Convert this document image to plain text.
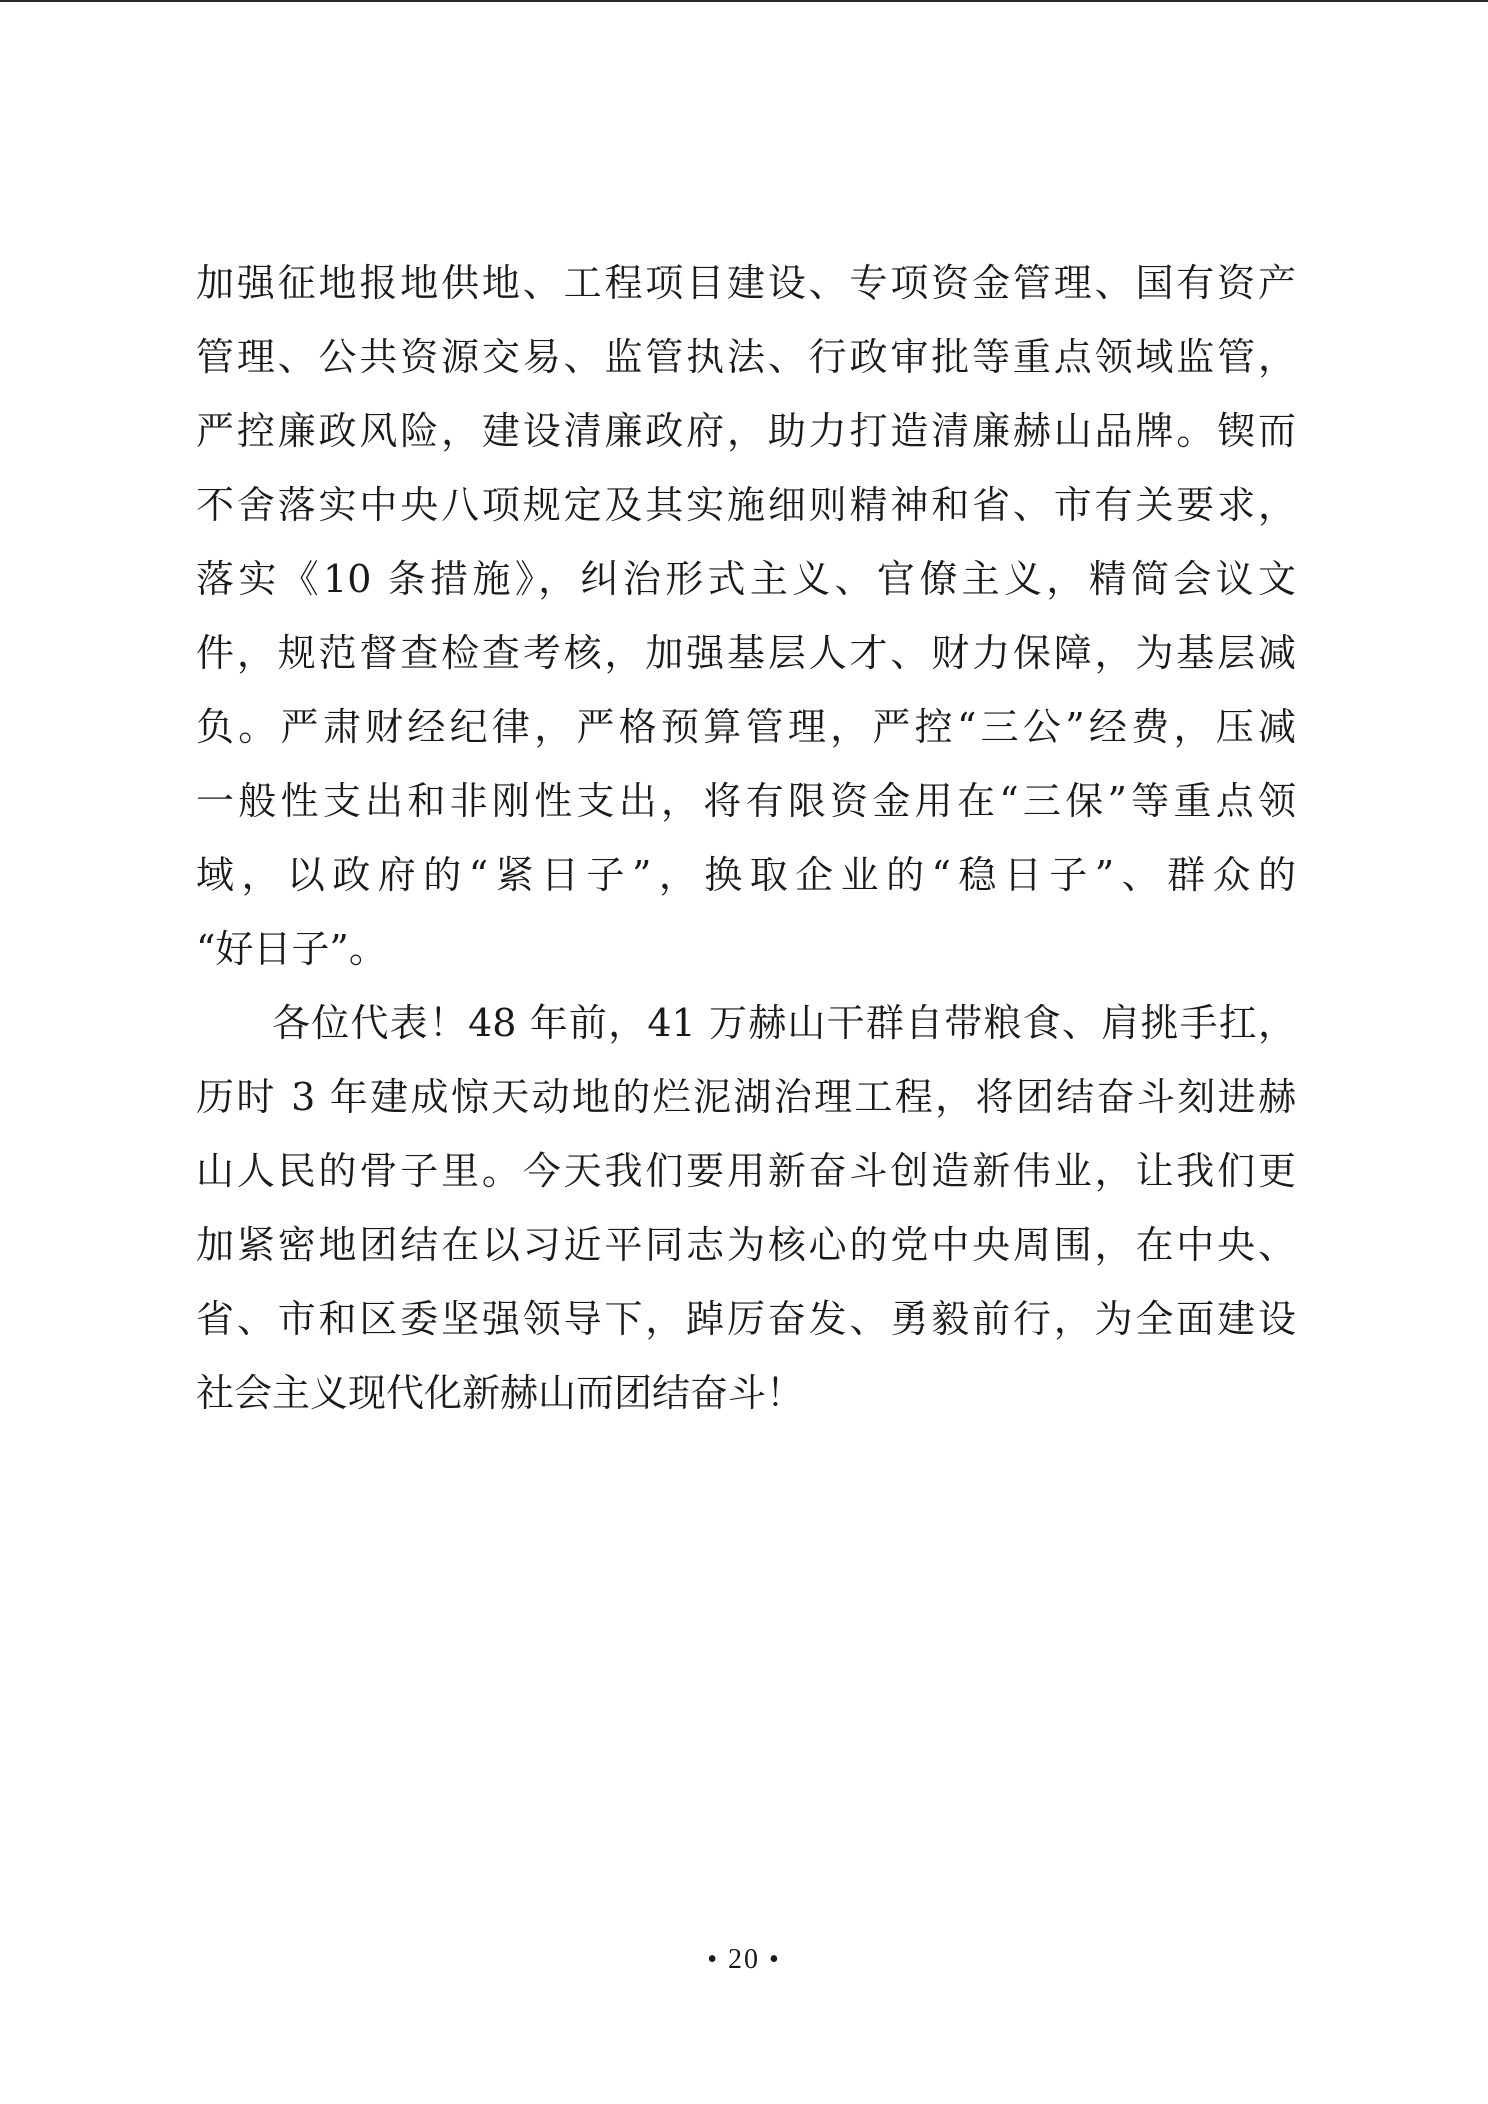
加强征地报地供地、工程项目建设、专项资金管理、国有资产
管理、公共资源交易、监管执法、行政审批等重点领域监管，
严控廉政风险，建设清廉政府，助力打造清廉赫山品牌。锲而
不舍落实中央八项规定及其实施细则精神和省、市有关要求，
落实《10 条措施》，纠治形式主义、官僚主义，精简会议文
件，规范督查检查考核，加强基层人才、财力保障，为基层减
负。严肃财经纪律，严格预算管理，严控“三公”经费，压减
一般性支出和非刚性支出，将有限资金用在“三保”等重点领
域，以政府的“紧日子”，换取企业的“稳日子”、群众的
“好日子”。
各位代表！48 年前，41 万赫山干群自带粮食、肩挑手扛，
历时 3 年建成惊天动地的烂泥湖治理工程，将团结奋斗刻进赫
山人民的骨子里。今天我们要用新奋斗创造新伟业，让我们更
加紧密地团结在以习近平同志为核心的党中央周围，在中央、
省、市和区委坚强领导下，踔厉奋发、勇毅前行，为全面建设
社会主义现代化新赫山而团结奋斗！
• 20 •
